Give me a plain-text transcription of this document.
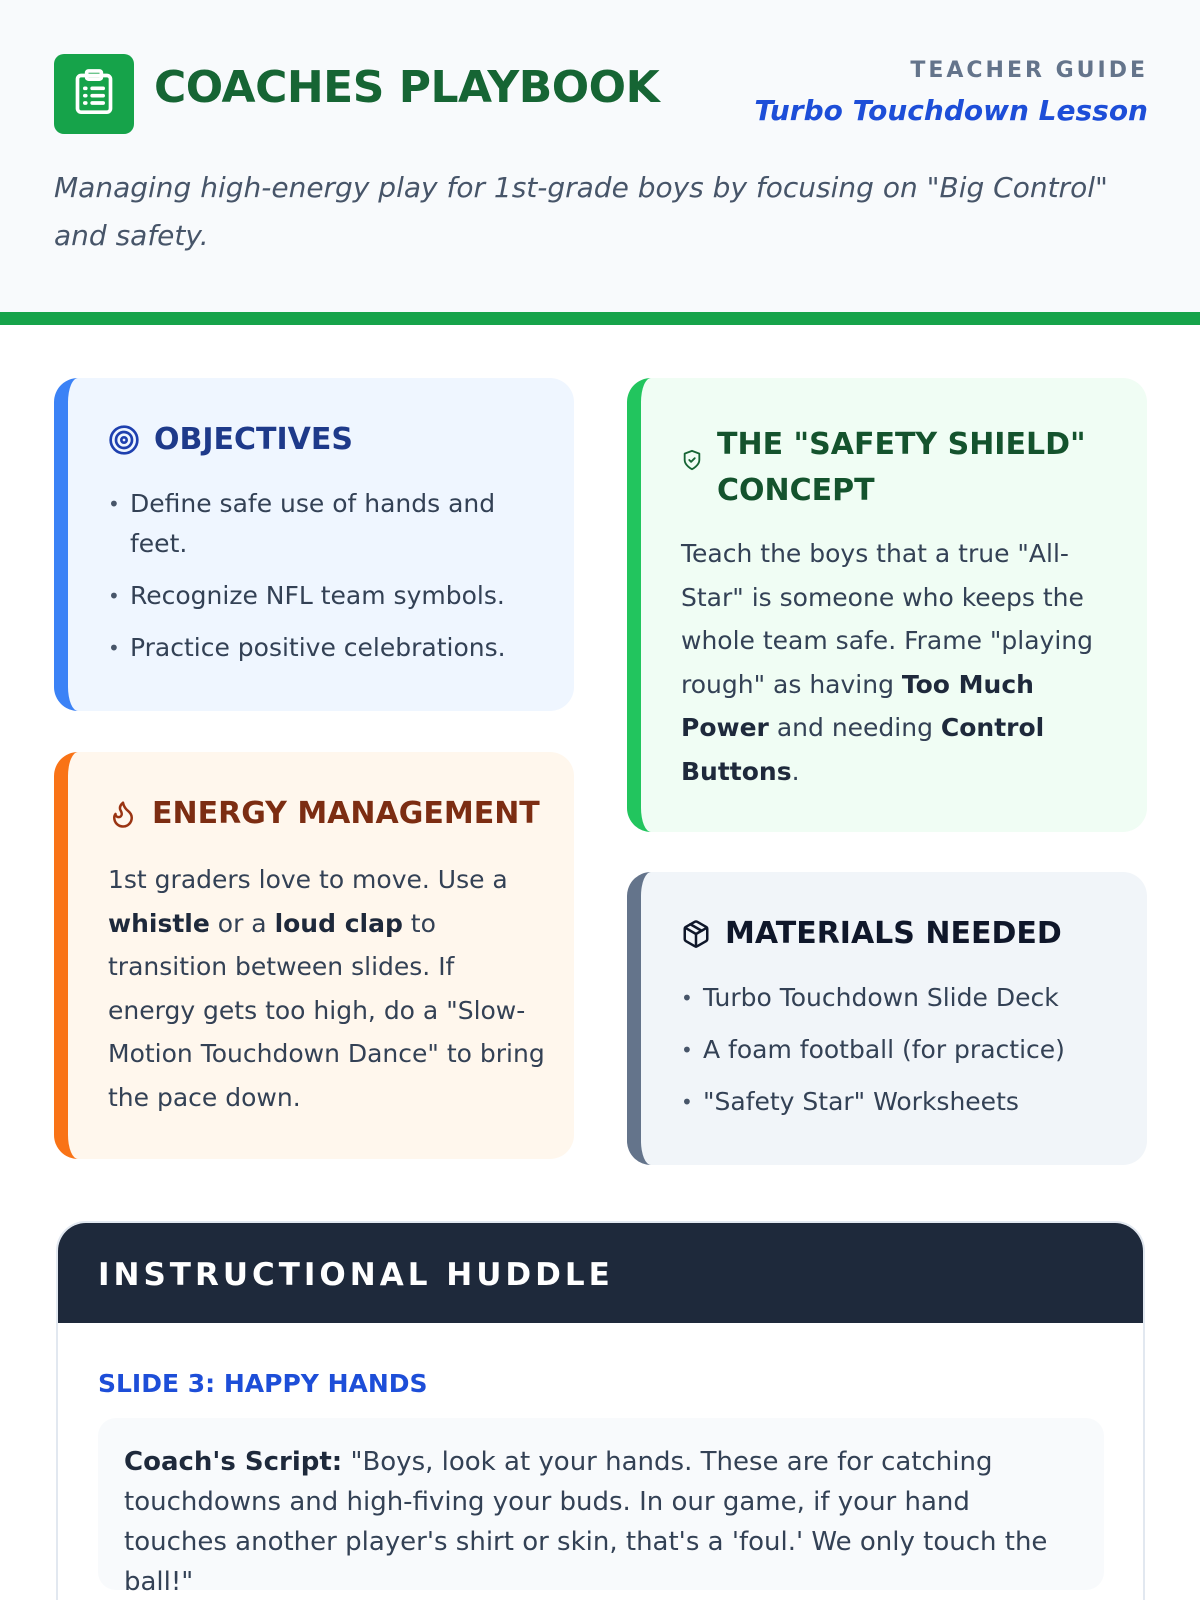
COACHES PLAYBOOK	TEACHER GUIDE
Turbo Touchdown Lesson
Managing high-energy play for 1st-grade boys by focusing on "Big Control" and safety.
OBJECTIVES
• Define safe use of hands and feet.
• Recognize NFL team symbols.
• Practice positive celebrations.
ENERGY MANAGEMENT

1st graders love to move. Use a whistle or a loud clap to transition between slides. If energy gets too high, do a "Slow-Motion Touchdown Dance" to bring the pace down.

THE "SAFETY SHIELD" CONCEPT

Teach the boys that a true "All-Star" is someone who keeps the whole team safe. Frame "playing rough" as having Too Much Power and needing Control Buttons.

MATERIALS NEEDED
• Turbo Touchdown Slide Deck
• A foam football (for practice)
• "Safety Star" Worksheets
INSTRUCTIONAL HUDDLE
SLIDE 3: HAPPY HANDS

Coach's Script: "Boys, look at your hands. These are for catching touchdowns and high-fiving your buds. In our game, if your hand touches another player's shirt or skin, that's a 'foul.' We only touch the ball!"
